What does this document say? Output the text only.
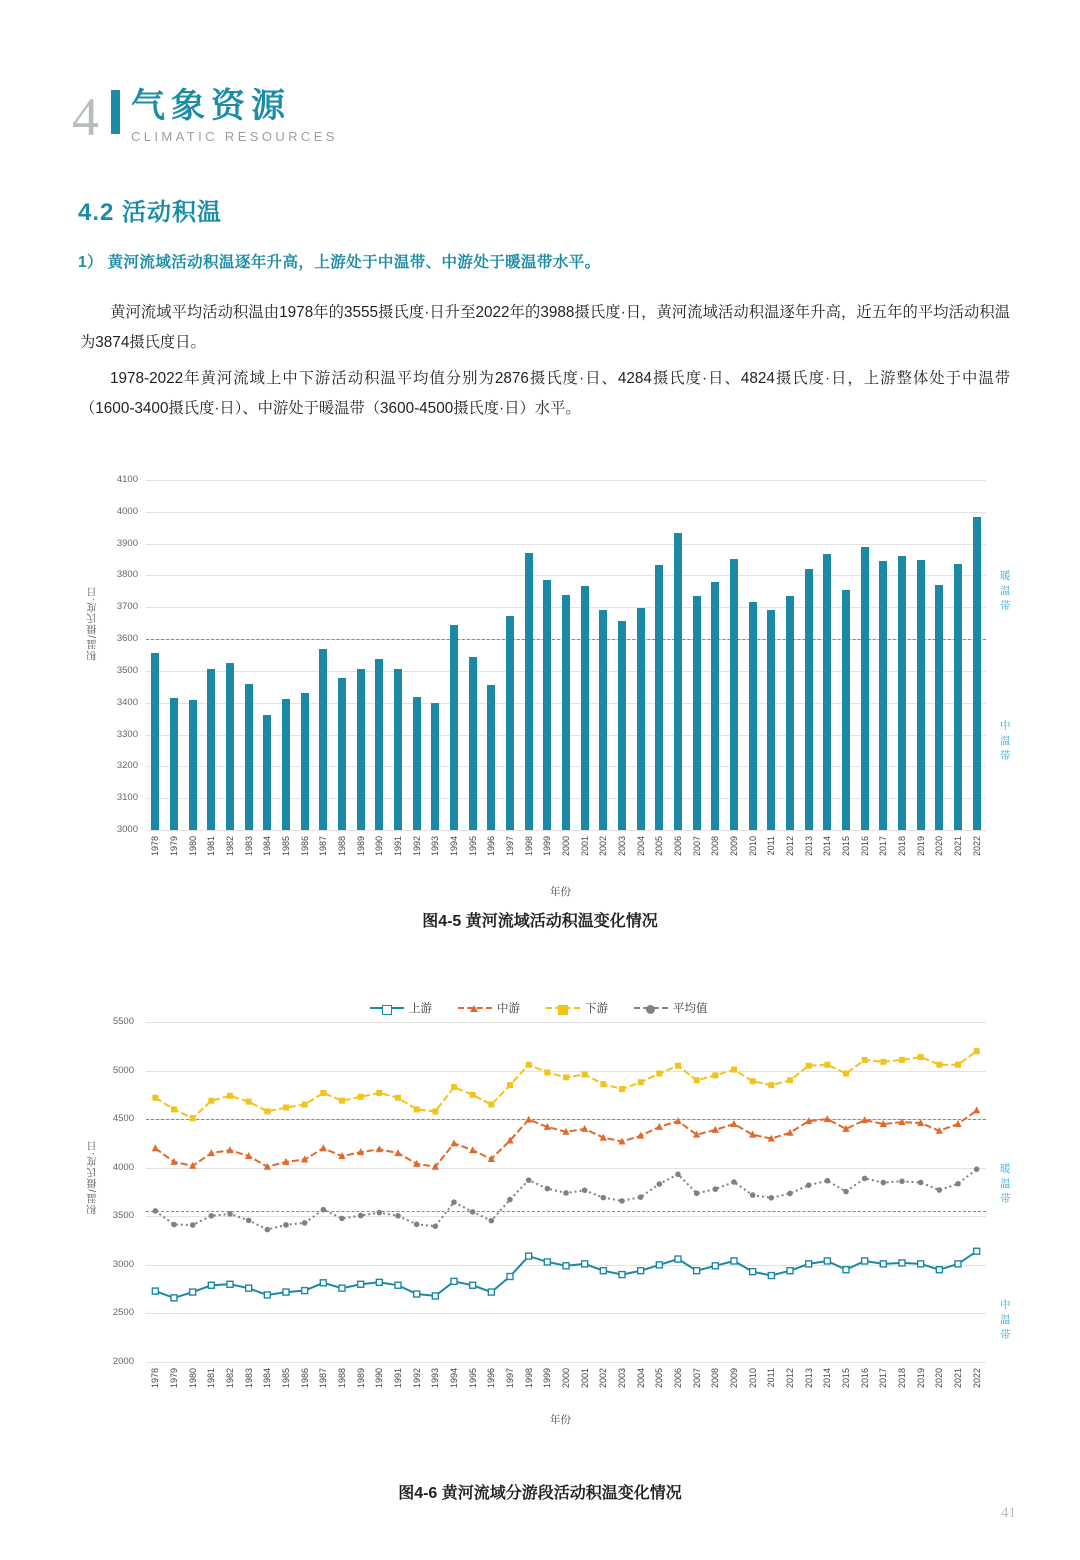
4 气象资源
CLIMATIC RESOURCES
4.2 活动积温
1） 黄河流域活动积温逐年升高，上游处于中温带、中游处于暖温带水平。
黄河流域平均活动积温由1978年的3555摄氏度·日升至2022年的3988摄氏度·日，黄河流域活动积温逐年升高，近五年的平均活动积温为3874摄氏度日。
1978-2022年黄河流域上中下游活动积温平均值分别为2876摄氏度·日、4284摄氏度·日、4824摄氏度·日，上游整体处于中温带（1600-3400摄氏度·日）、中游处于暖温带（3600-4500摄氏度·日）水平。
积温/摄氏度·日
3000
3100
3200
3300
3400
3500
3600
3700
3800
3900
4000
4100
1978 1979 1980 1981 1982 1983 1984 1985 1986 1987 1988 1989 1990 1991 1992 1993 1994 1995 1996 1997 1998 1999 2000 2001 2002 2003 2004 2005 2006 2007 2008 2009 2010 2011 2012 2013 2014 2015 2016 2017 2018 2019 2020 2021 2022
暖温带
中温带
年份
图4-5 黄河流域活动积温变化情况
上游	中游	下游	平均值
积温/摄氏度·日
2000
2500
3000
3500
4000
4500
5000
5500
1978 1979 1980 1981 1982 1983 1984 1985 1986 1987 1988 1989 1990 1991 1992 1993 1994 1995 1996 1997 1998 1999 2000 2001 2002 2003 2004 2005 2006 2007 2008 2009 2010 2011 2012 2013 2014 2015 2016 2017 2018 2019 2020 2021 2022
暖温带
中温带
年份
图4-6 黄河流域分游段活动积温变化情况
41
